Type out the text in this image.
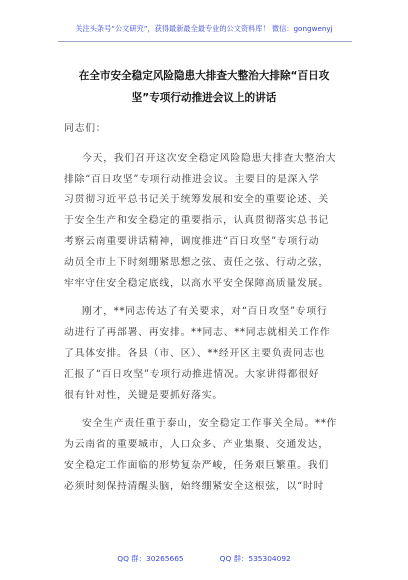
关注头条号“公文研究”，获得最新最全最专业的公文资料库！ 微信：gongwenyj
在全市安全稳定风险隐患大排查大整治大排除“百日攻
坚”专项行动推进会议上的讲话

同志们：

今天，我们召开这次安全稳定风险隐患大排查大整治大
排除“百日攻坚”专项行动推进会议。主要目的是深入学
习贯彻习近平总书记关于统筹发展和安全的重要论述、关
于安全生产和安全稳定的重要指示，认真贯彻落实总书记
考察云南重要讲话精神，调度推进“百日攻坚”专项行动
动员全市上下时刻绷紧思想之弦、责任之弦、行动之弦，
牢牢守住安全稳定底线，以高水平安全保障高质量发展。

刚才，**同志传达了有关要求，对“百日攻坚”专项行
动进行了再部署、再安排。**同志、**同志就相关工作作
了具体安排。各县（市、区）、**经开区主要负责同志也
汇报了“百日攻坚”专项行动推进情况。大家讲得都很好
很有针对性，关键是要抓好落实。

安全生产责任重于泰山，安全稳定工作事关全局。**作
为云南省的重要城市，人口众多、产业集聚、交通发达，
安全稳定工作面临的形势复杂严峻，任务艰巨繁重。我们
必须时刻保持清醒头脑，始终绷紧安全这根弦，以“时时

QQ 群：30265665	QQ 群：535304092
